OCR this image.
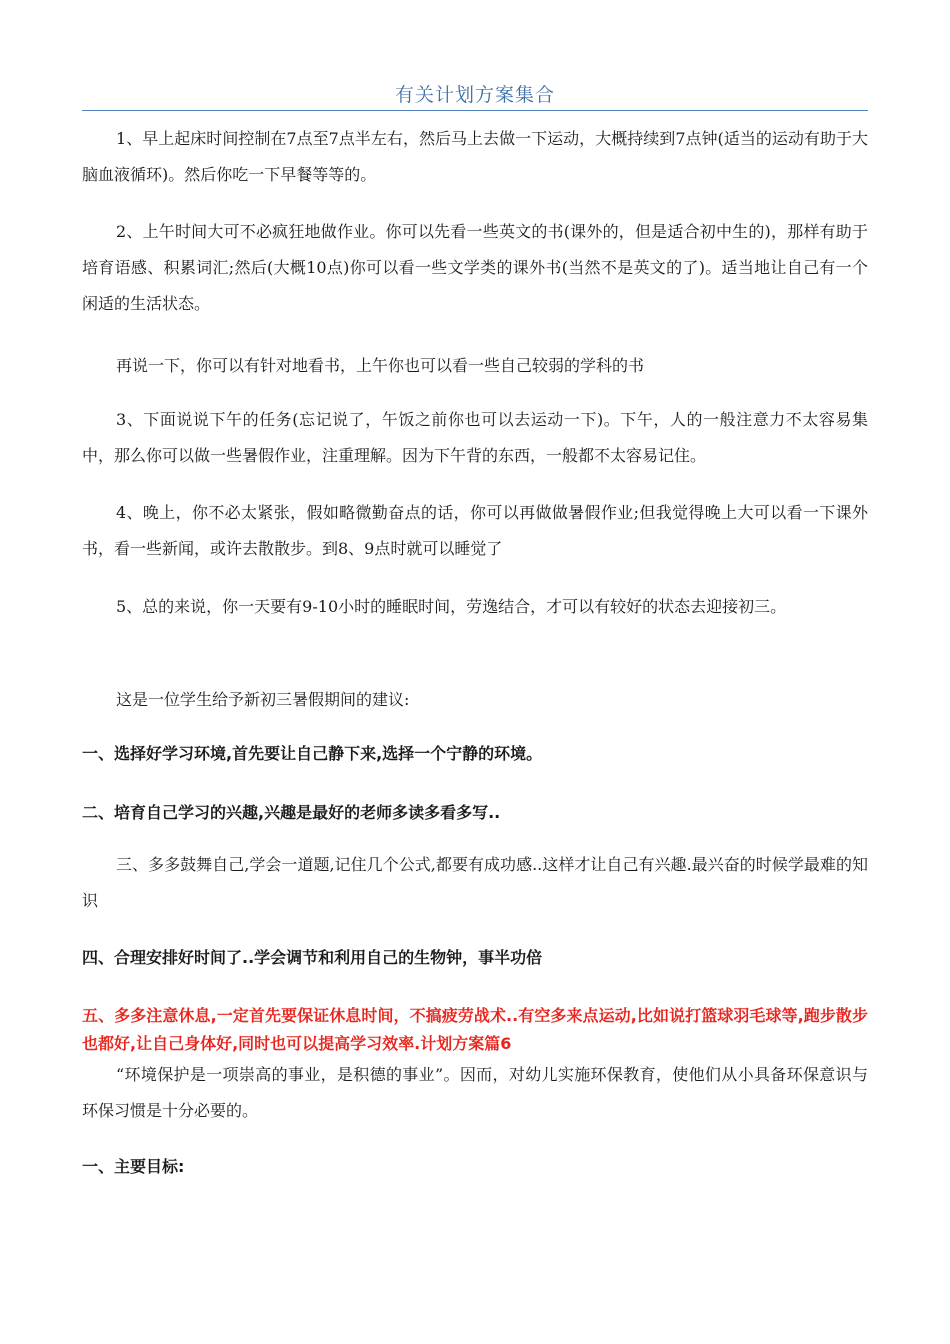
有关计划方案集合

1、早上起床时间控制在7点至7点半左右，然后马上去做一下运动，大概持续到7点钟(适当的运动有助于大脑血液循环)。然后你吃一下早餐等等的。

2、上午时间大可不必疯狂地做作业。你可以先看一些英文的书(课外的，但是适合初中生的)，那样有助于培育语感、积累词汇;然后(大概10点)你可以看一些文学类的课外书(当然不是英文的了)。适当地让自己有一个闲适的生活状态。

再说一下，你可以有针对地看书，上午你也可以看一些自己较弱的学科的书

3、下面说说下午的任务(忘记说了，午饭之前你也可以去运动一下)。下午，人的一般注意力不太容易集中，那么你可以做一些暑假作业，注重理解。因为下午背的东西，一般都不太容易记住。

4、晚上，你不必太紧张，假如略微勤奋点的话，你可以再做做暑假作业;但我觉得晚上大可以看一下课外书，看一些新闻，或许去散散步。到8、9点时就可以睡觉了

5、总的来说，你一天要有9-10小时的睡眠时间，劳逸结合，才可以有较好的状态去迎接初三。

这是一位学生给予新初三暑假期间的建议:

一、选择好学习环境,首先要让自己静下来,选择一个宁静的环境。

二、培育自己学习的兴趣,兴趣是最好的老师多读多看多写..

三、多多鼓舞自己,学会一道题,记住几个公式,都要有成功感..这样才让自己有兴趣.最兴奋的时候学最难的知识

四、合理安排好时间了..学会调节和利用自己的生物钟，事半功倍

五、多多注意休息,一定首先要保证休息时间，不搞疲劳战术..有空多来点运动,比如说打篮球羽毛球等,跑步散步也都好,让自己身体好,同时也可以提高学习效率.计划方案篇6

“环境保护是一项崇高的事业，是积德的事业”。因而，对幼儿实施环保教育，使他们从小具备环保意识与环保习惯是十分必要的。

一、主要目标:
